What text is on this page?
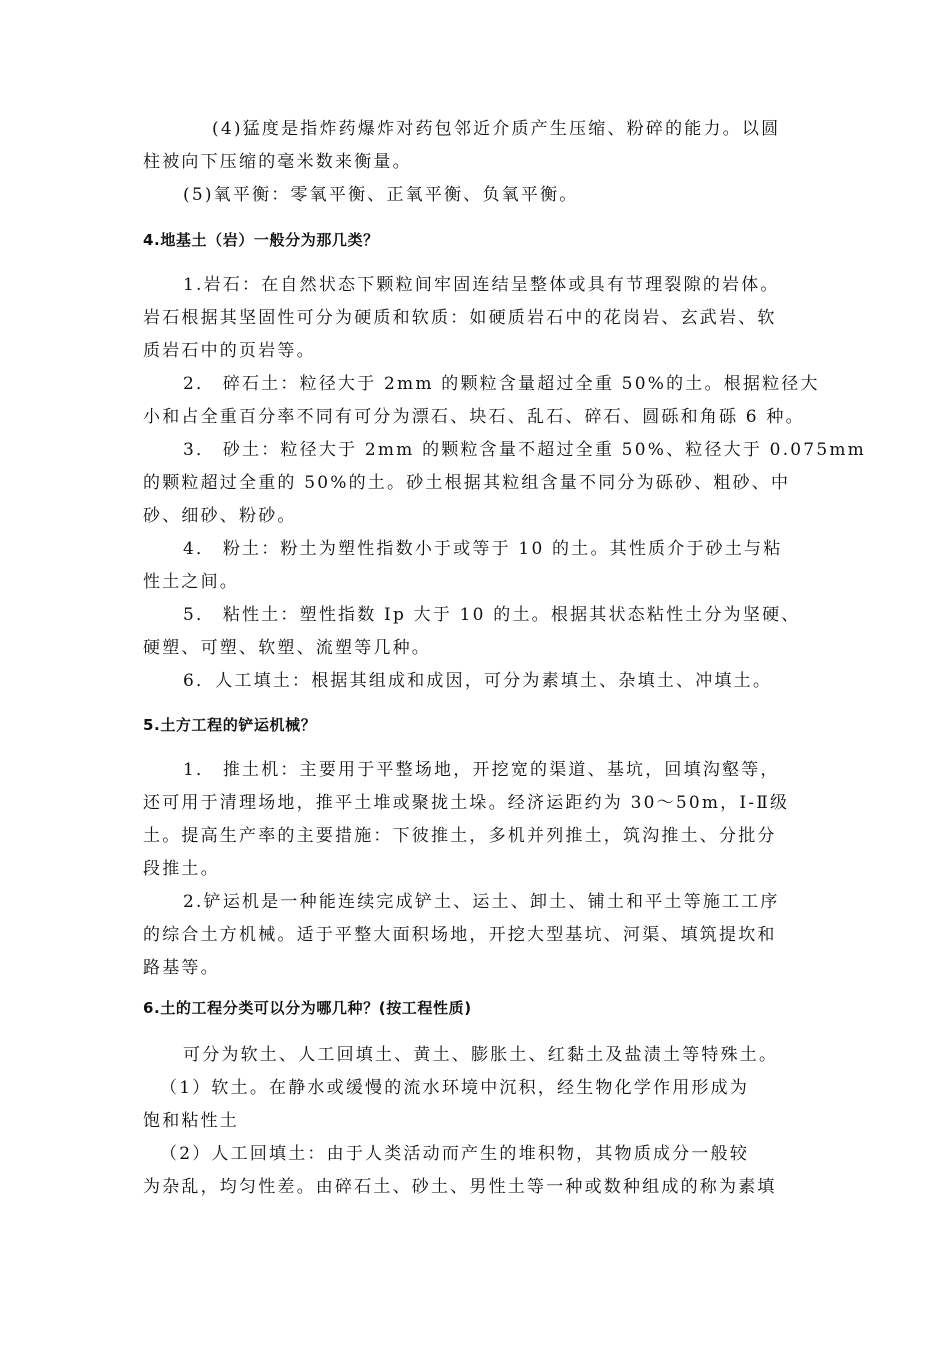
(4)猛度是指炸药爆炸对药包邻近介质产生压缩、粉碎的能力。以圆
柱被向下压缩的毫米数来衡量。
(5)氧平衡：零氧平衡、正氧平衡、负氧平衡。
4.地基土（岩）一般分为那几类？
1.岩石：在自然状态下颗粒间牢固连结呈整体或具有节理裂隙的岩体。
岩石根据其坚固性可分为硬质和软质：如硬质岩石中的花岗岩、玄武岩、软
质岩石中的页岩等。
2． 碎石土：粒径大于 2mm 的颗粒含量超过全重 50%的土。根据粒径大
小和占全重百分率不同有可分为漂石、块石、乱石、碎石、圆砾和角砾 6 种。
3． 砂土：粒径大于 2mm 的颗粒含量不超过全重 50%、粒径大于 0.075mm
的颗粒超过全重的 50%的土。砂土根据其粒组含量不同分为砾砂、粗砂、中
砂、细砂、粉砂。
4． 粉土：粉土为塑性指数小于或等于 10 的土。其性质介于砂土与粘
性土之间。
5． 粘性土：塑性指数 Ip 大于 10 的土。根据其状态粘性土分为坚硬、
硬塑、可塑、软塑、流塑等几种。
6．人工填土：根据其组成和成因，可分为素填土、杂填土、冲填土。
5.土方工程的铲运机械？
1． 推土机：主要用于平整场地，开挖宽的渠道、基坑，回填沟壑等，
还可用于清理场地，推平土堆或聚拢土垛。经济运距约为 30～50m，Ⅰ-Ⅱ级
土。提高生产率的主要措施：下彼推土，多机并列推土，筑沟推土、分批分
段推土。
2.铲运机是一种能连续完成铲土、运土、卸土、铺土和平土等施工工序
的综合土方机械。适于平整大面积场地，开挖大型基坑、河渠、填筑提坎和
路基等。
6.土的工程分类可以分为哪几种？(按工程性质)
可分为软土、人工回填土、黄土、膨胀土、红黏土及盐渍土等特殊土。
（1）软土。在静水或缓慢的流水环境中沉积，经生物化学作用形成为
饱和粘性土
（2）人工回填土：由于人类活动而产生的堆积物，其物质成分一般较
为杂乱，均匀性差。由碎石土、砂土、男性土等一种或数种组成的称为素填
